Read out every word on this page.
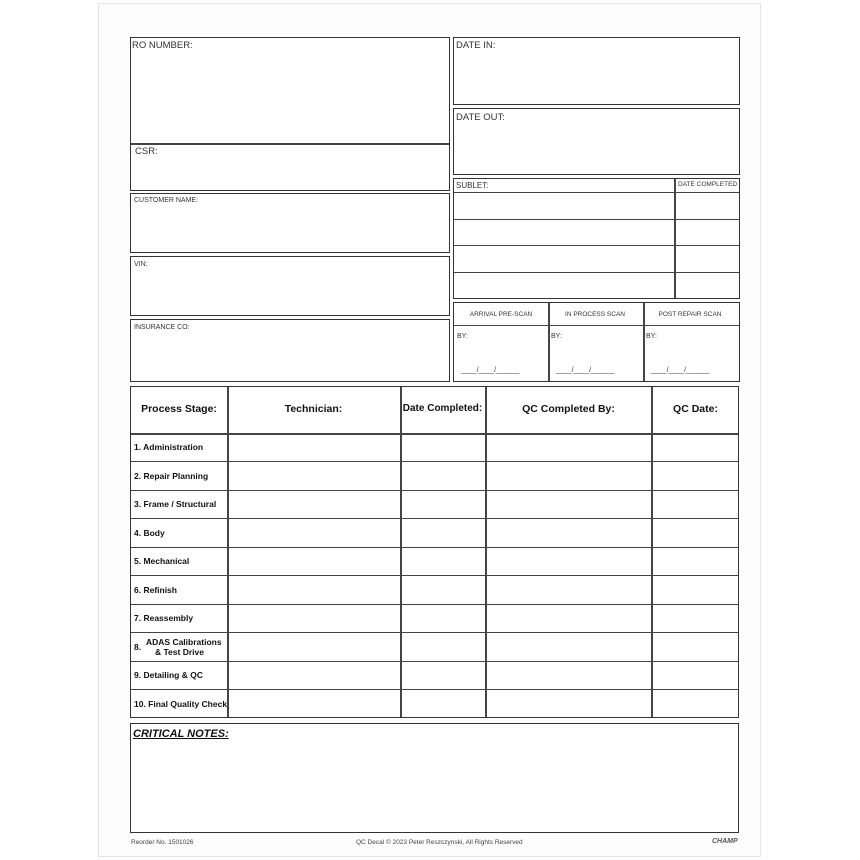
RO NUMBER:
CSR:
CUSTOMER NAME:
VIN:
INSURANCE CO:
DATE IN:
DATE OUT:
SUBLET:	DATE COMPLETED
ARRIVAL PRE-SCAN	IN PROCESS SCAN	POST REPAIR SCAN
BY:	BY:	BY:
____/____/______	____/____/______	____/____/______
Process Stage:	Technician:	Date Completed:	QC Completed By:	QC Date:
1. Administration
2. Repair Planning
3. Frame / Structural
4. Body
5. Mechanical
6. Refinish
7. Reassembly
8. ADAS Calibrations
& Test Drive
9. Detailing & QC
10. Final Quality Check
CRITICAL NOTES:
Reorder No. 1501026	QC Decal © 2023 Peter Reszczynski, All Rights Reserved	CHAMP
